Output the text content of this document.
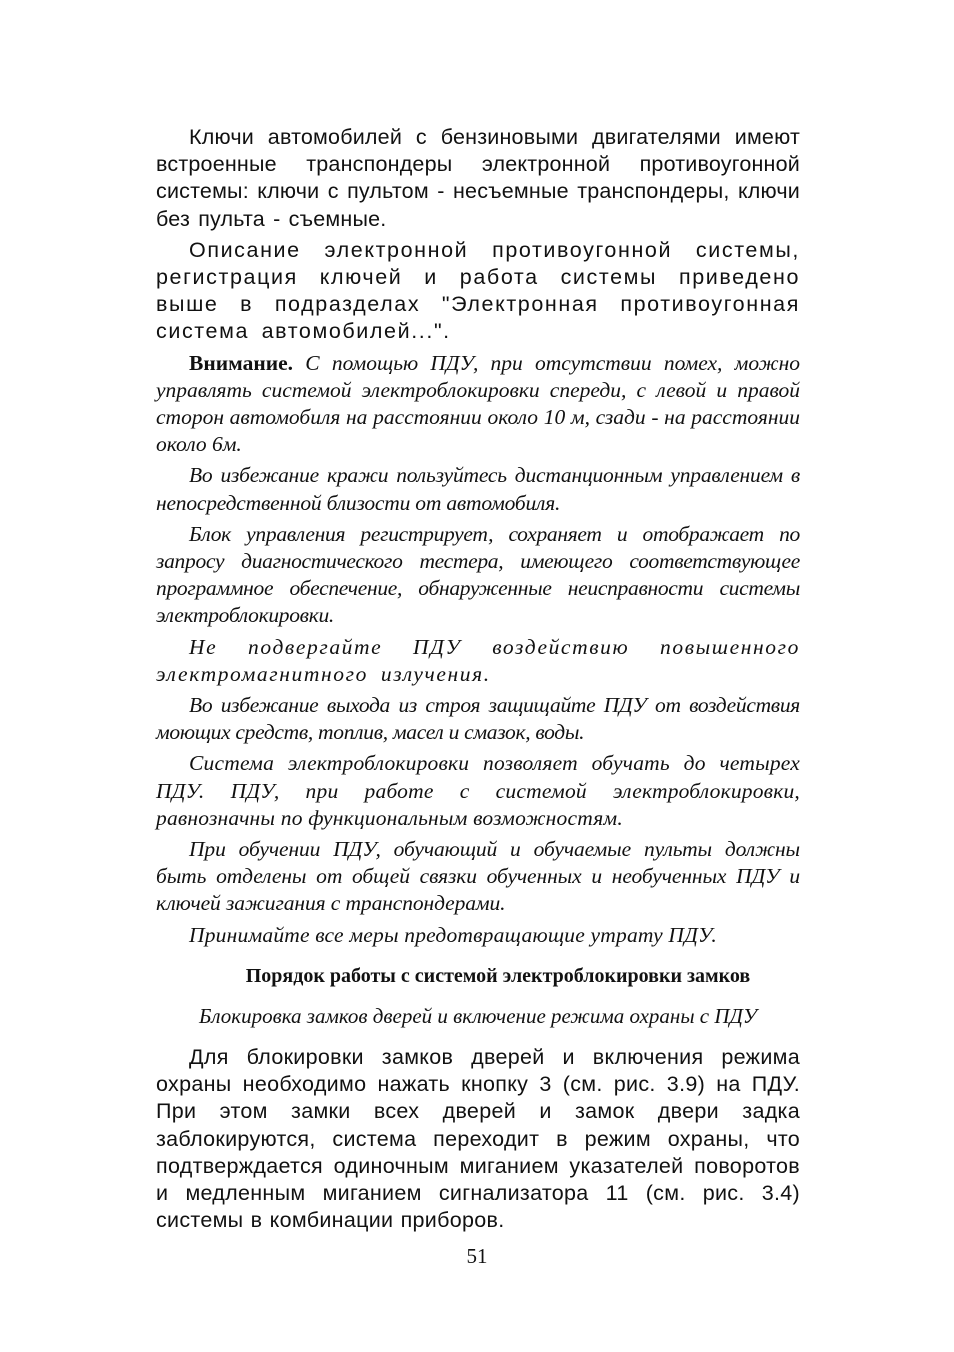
Ключи автомобилей с бензиновыми двигателями имеют встроенные транспондеры электронной противоугонной системы: ключи с пультом - несъемные транспондеры, ключи без пульта - съемные.

Описание электронной противоугонной системы, регистрация ключей и работа системы приведено выше в подразделах "Электронная противоугонная система автомобилей...".

Внимание. С помощью ПДУ, при отсутствии помех, можно управлять системой электроблокировки спереди, с левой и правой сторон автомобиля на расстоянии около 10 м, сзади - на расстоянии около 6м.

Во избежание кражи пользуйтесь дистанционным управлением в непосредственной близости от автомобиля.

Блок управления регистрирует, сохраняет и отображает по запросу диагностического тестера, имеющего соответствующее программное обеспечение, обнаруженные неисправности системы электроблокировки.

Не подвергайте ПДУ воздействию повышенного электромагнитного излучения.

Во избежание выхода из строя защищайте ПДУ от воздействия моющих средств, топлив, масел и смазок, воды.

Система электроблокировки позволяет обучать до четырех ПДУ. ПДУ, при работе с системой электроблокировки, равнозначны по функциональным возможностям.

При обучении ПДУ, обучающий и обучаемые пульты должны быть отделены от общей связки обученных и необученных ПДУ и ключей зажигания с транспондерами.

Принимайте все меры предотвращающие утрату ПДУ.

Порядок работы с системой электроблокировки замков

Блокировка замков дверей и включение режима охраны с ПДУ

Для блокировки замков дверей и включения режима охраны необходимо нажать кнопку 3 (см. рис. 3.9) на ПДУ. При этом замки всех дверей и замок двери задка заблокируются, система переходит в режим охраны, что подтверждается одиночным миганием указателей поворотов и медленным миганием сигнализатора 11 (см. рис. 3.4) системы в комбинации приборов.

51
